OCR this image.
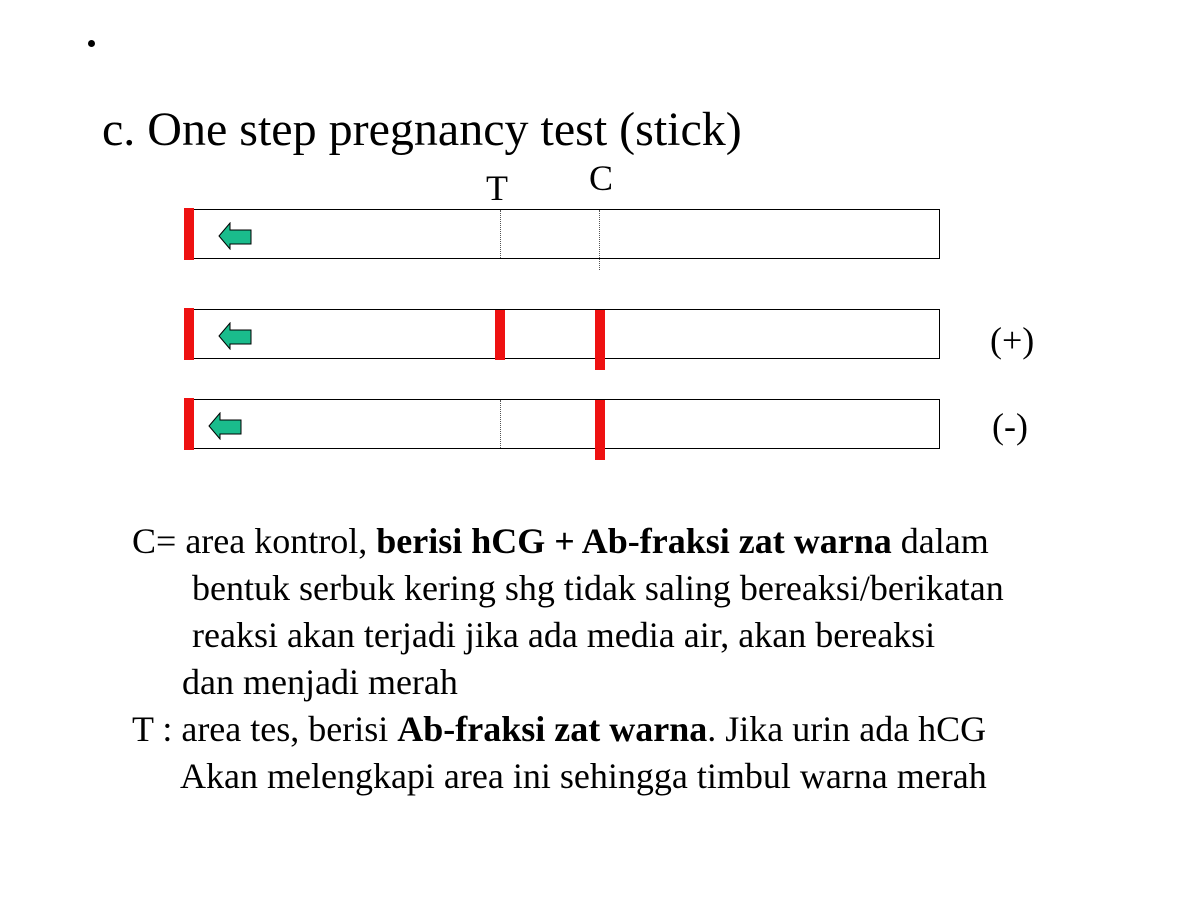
c. One step pregnancy test (stick)
T C
(+)
(-)
C= area kontrol, berisi hCG + Ab-fraksi zat warna dalam
bentuk serbuk kering shg tidak saling bereaksi/berikatan
reaksi akan terjadi jika ada media air, akan bereaksi
dan menjadi merah
T : area tes, berisi Ab-fraksi zat warna. Jika urin ada hCG
Akan melengkapi area ini sehingga timbul warna merah
